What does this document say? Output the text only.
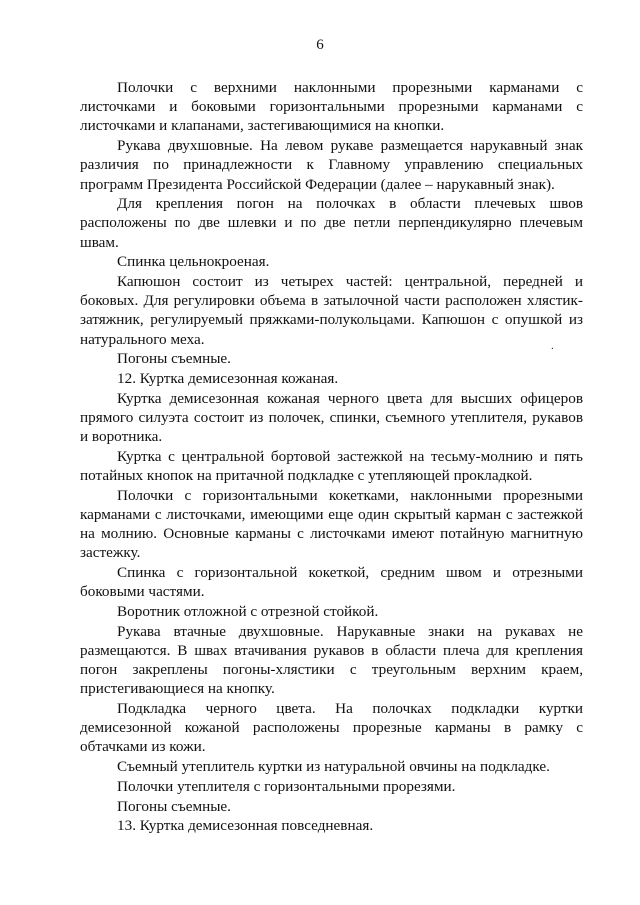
6

Полочки с верхними наклонными прорезными карманами с листочками и боковыми горизонтальными прорезными карманами с листочками и клапанами, застегивающимися на кнопки.

Рукава двухшовные. На левом рукаве размещается нарукавный знак различия по принадлежности к Главному управлению специальных программ Президента Российской Федерации (далее – нарукавный знак).

Для крепления погон на полочках в области плечевых швов расположены по две шлевки и по две петли перпендикулярно плечевым швам.

Спинка цельнокроеная.

Капюшон состоит из четырех частей: центральной, передней и боковых. Для регулировки объема в затылочной части расположен хлястик-затяжник, регулируемый пряжками-полукольцами. Капюшон с опушкой из натурального меха.

Погоны съемные.

12. Куртка демисезонная кожаная.

Куртка демисезонная кожаная черного цвета для высших офицеров прямого силуэта состоит из полочек, спинки, съемного утеплителя, рукавов и воротника.

Куртка с центральной бортовой застежкой на тесьму-молнию и пять потайных кнопок на притачной подкладке с утепляющей прокладкой.

Полочки с горизонтальными кокетками, наклонными прорезными карманами с листочками, имеющими еще один скрытый карман с застежкой на молнию. Основные карманы с листочками имеют потайную магнитную застежку.

Спинка с горизонтальной кокеткой, средним швом и отрезными боковыми частями.

Воротник отложной с отрезной стойкой.

Рукава втачные двухшовные. Нарукавные знаки на рукавах не размещаются. В швах втачивания рукавов в области плеча для крепления погон закреплены погоны-хлястики с треугольным верхним краем, пристегивающиеся на кнопку.

Подкладка черного цвета. На полочках подкладки куртки демисезонной кожаной расположены прорезные карманы в рамку с обтачками из кожи.

Съемный утеплитель куртки из натуральной овчины на подкладке.

Полочки утеплителя с горизонтальными прорезями.

Погоны съемные.

13. Куртка демисезонная повседневная.

.
